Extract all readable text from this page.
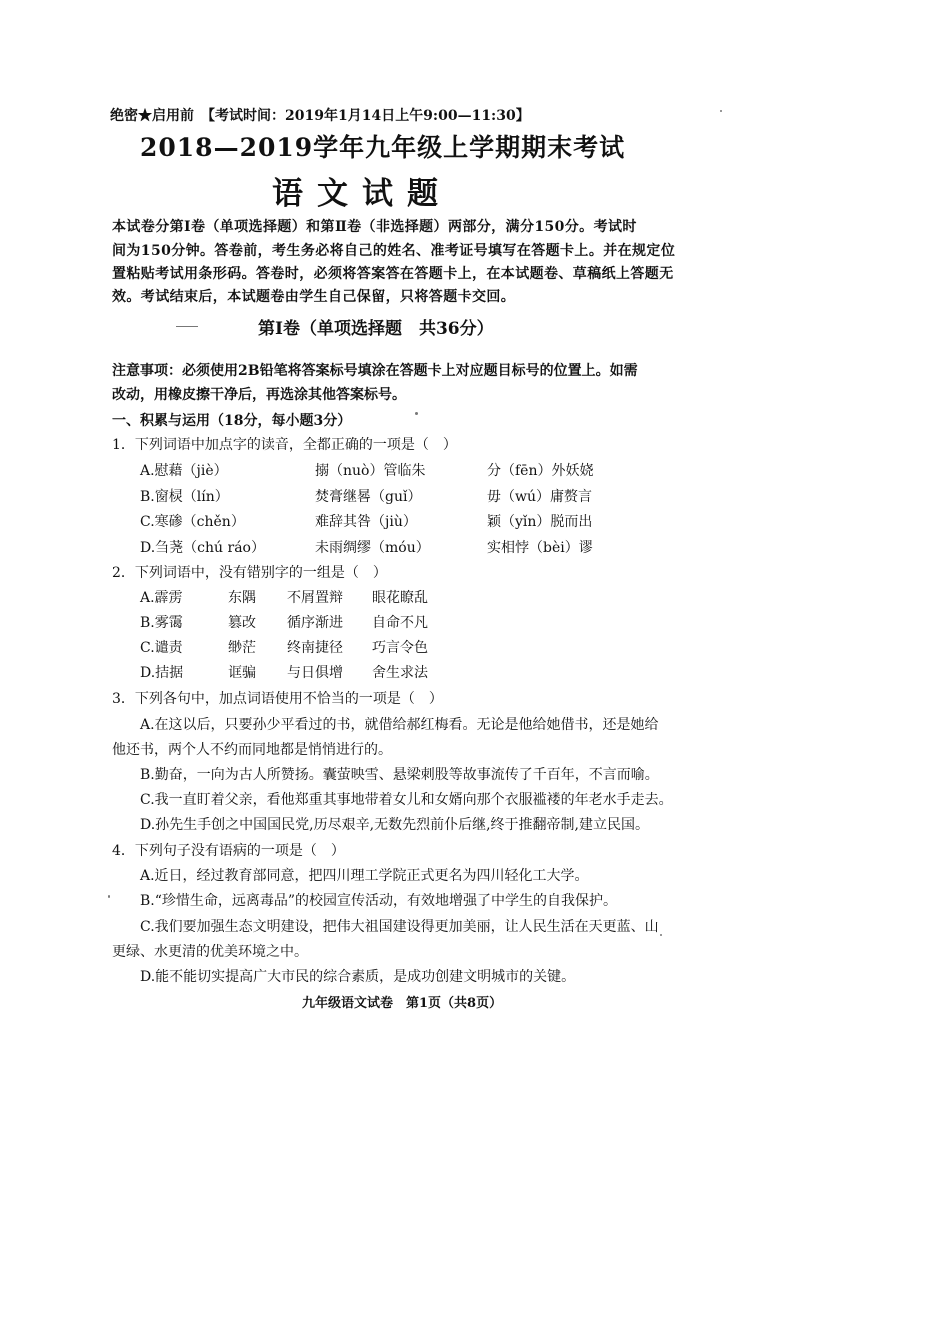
绝密★启用前　【考试时间：2019年1月14日上午9:00—11:30】
2018—2019学年九年级上学期期末考试
语文试题
本试卷分第Ⅰ卷（单项选择题）和第Ⅱ卷（非选择题）两部分，满分150分。考试时
间为150分钟。答卷前，考生务必将自己的姓名、准考证号填写在答题卡上。并在规定位
置粘贴考试用条形码。答卷时，必须将答案答在答题卡上，在本试题卷、草稿纸上答题无
效。考试结束后，本试题卷由学生自己保留，只将答题卡交回。
第Ⅰ卷（单项选择题　共36分）
注意事项：必须使用2B铅笔将答案标号填涂在答题卡上对应题目标号的位置上。如需
改动，用橡皮擦干净后，再选涂其他答案标号。
一、积累与运用（18分，每小题3分）
1．下列词语中加点字的读音，全都正确的一项是（　）
A.慰藉（jiè）	搦（nuò）管临朱	分（fēn）外妖娆
B.窗棂（lín）	焚膏继晷（guǐ）	毋（wú）庸赘言
C.寒碜（chěn）	难辞其咎（jiù）	颖（yǐn）脱而出
D.刍荛（chú ráo）	未雨绸缪（móu）	实相悖（bèi）谬
2．下列词语中，没有错别字的一组是（　）
A.霹雳	东隅 不屑置辩 眼花瞭乱
B.雾霭	篡改 循序渐进 自命不凡
C.谴责	缈茫 终南捷径 巧言令色
D.拮据	诓骗 与日俱增 舍生求法
3．下列各句中，加点词语使用不恰当的一项是（　）
A.在这以后，只要孙少平看过的书，就借给郝红梅看。无论是他给她借书，还是她给
他还书，两个人不约而同地都是悄悄进行的。
B.勤奋，一向为古人所赞扬。囊萤映雪、悬梁刺股等故事流传了千百年，不言而喻。
C.我一直盯着父亲，看他郑重其事地带着女儿和女婿向那个衣服褴褛的年老水手走去。
D.孙先生手创之中国国民党,历尽艰辛,无数先烈前仆后继,终于推翻帝制,建立民国。
4．下列句子没有语病的一项是（　）
A.近日，经过教育部同意，把四川理工学院正式更名为四川轻化工大学。
B.“珍惜生命，远离毒品”的校园宣传活动，有效地增强了中学生的自我保护。
C.我们要加强生态文明建设，把伟大祖国建设得更加美丽，让人民生活在天更蓝、山
更绿、水更清的优美环境之中。
D.能不能切实提高广大市民的综合素质，是成功创建文明城市的关键。
九年级语文试卷　第1页（共8页）
